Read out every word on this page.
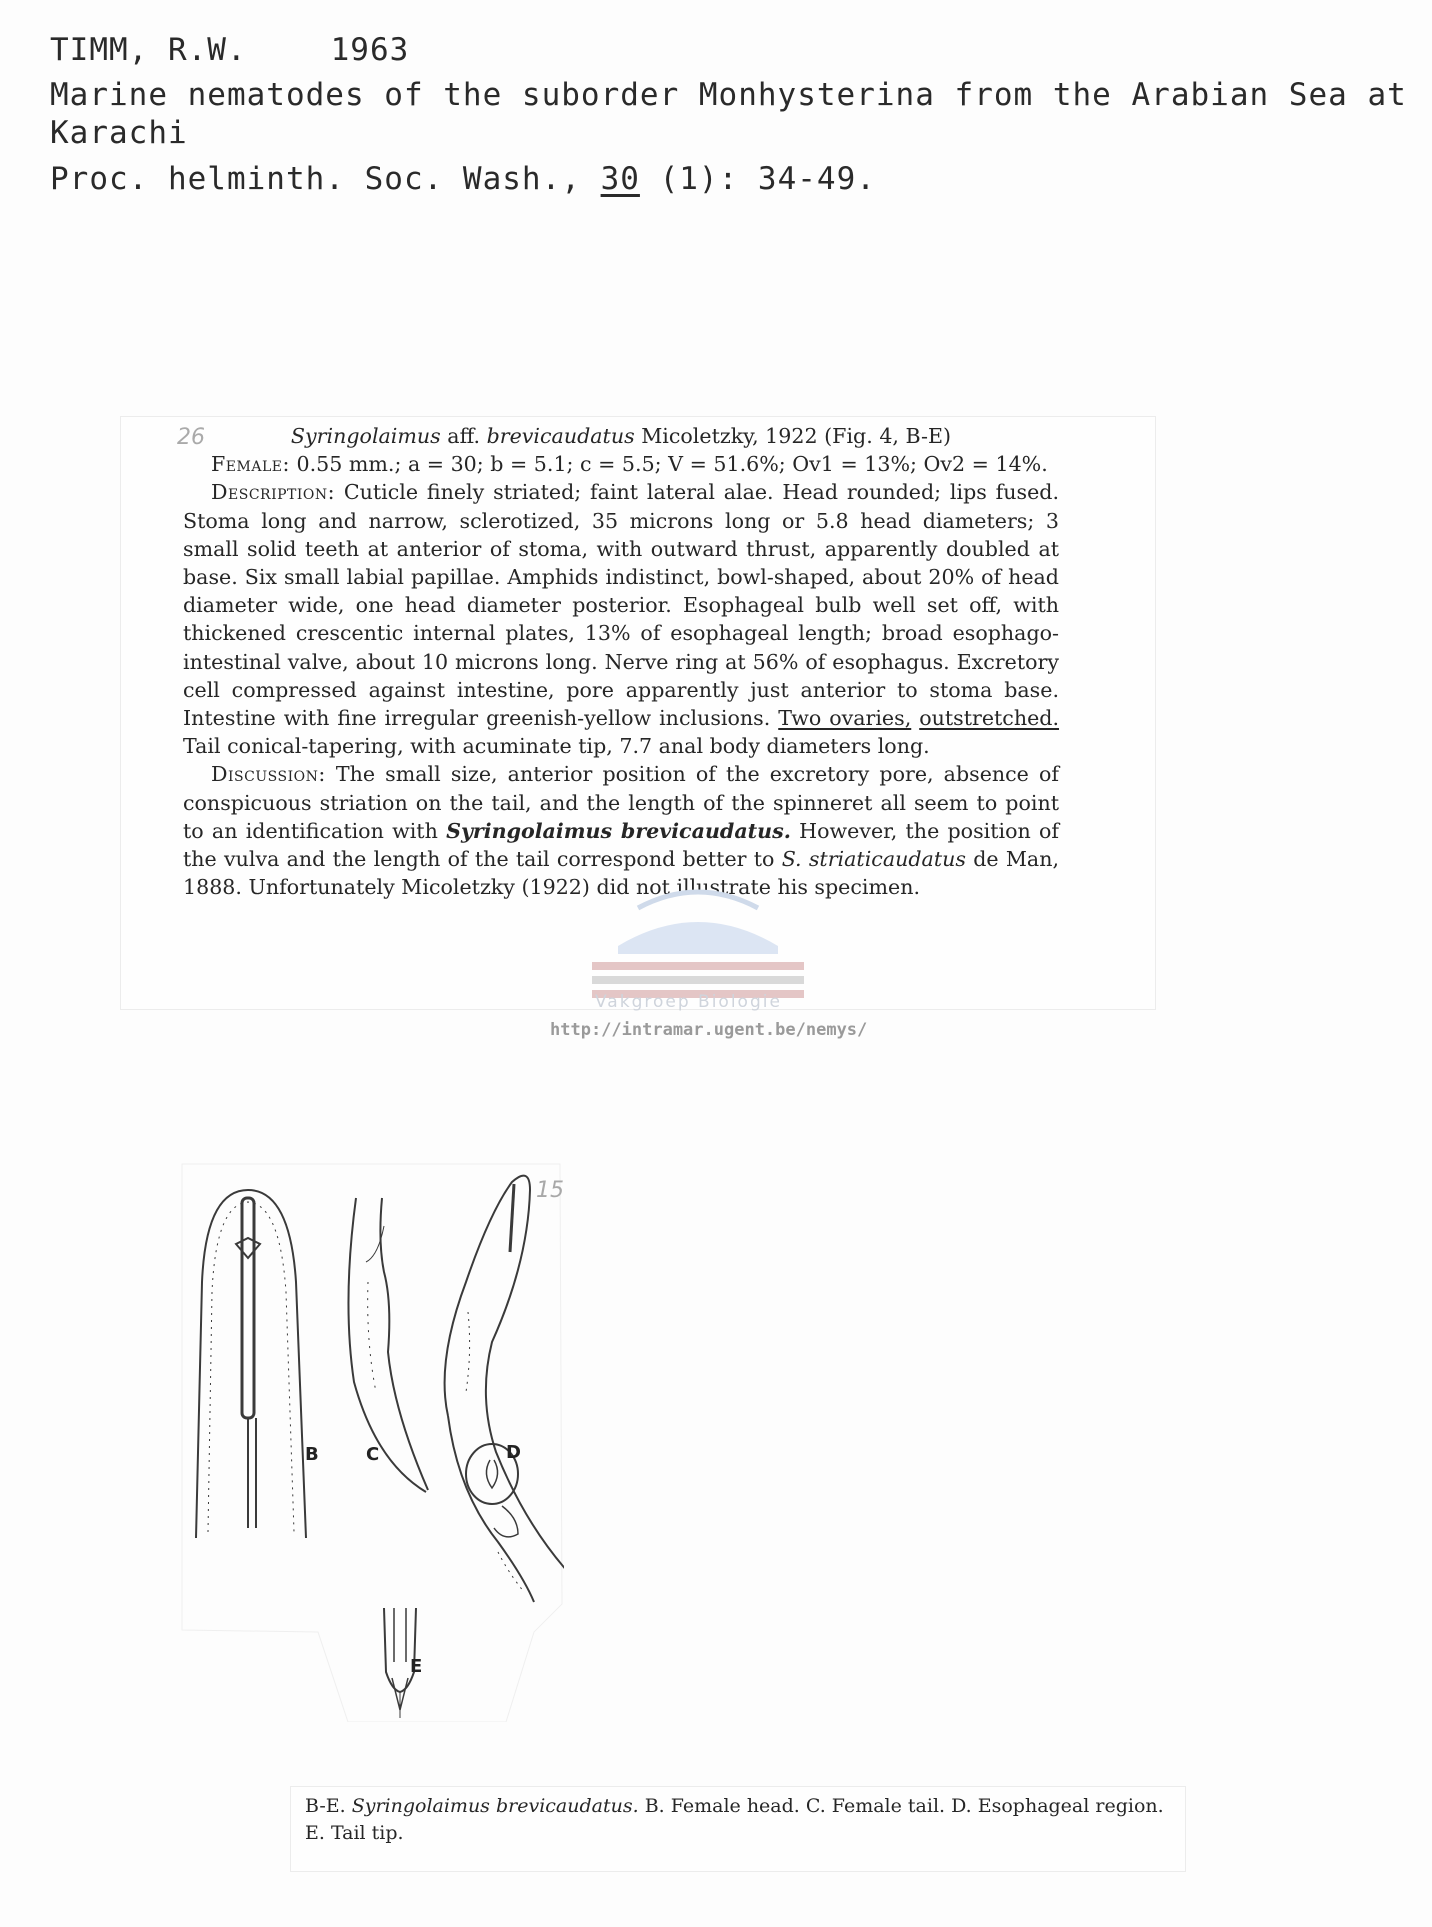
TIMM, R.W.	1963
Marine nematodes of the suborder Monhysterina from the Arabian Sea at Karachi
Proc. helminth. Soc. Wash., 30 (1): 34-49.
26	Syringolaimus aff. brevicaudatus Micoletzky, 1922 (Fig. 4, B-E)

Female: 0.55 mm.; a = 30; b = 5.1; c = 5.5; V = 51.6%; Ov1 = 13%; Ov2 = 14%.

Description: Cuticle finely striated; faint lateral alae. Head rounded; lips fused. Stoma long and narrow, sclerotized, 35 microns long or 5.8 head diameters; 3 small solid teeth at anterior of stoma, with outward thrust, apparently doubled at base. Six small labial papillae. Amphids indistinct, bowl-shaped, about 20% of head diameter wide, one head diameter posterior. Esophageal bulb well set off, with thickened crescentic internal plates, 13% of esophageal length; broad esophago-intestinal valve, about 10 microns long. Nerve ring at 56% of esophagus. Excretory cell compressed against intestine, pore apparently just anterior to stoma base. Intestine with fine irregular greenish-yellow inclusions. Two ovaries, outstretched. Tail conical-tapering, with acuminate tip, 7.7 anal body diameters long.

Discussion: The small size, anterior position of the excretory pore, absence of conspicuous striation on the tail, and the length of the spinneret all seem to point to an identification with Syringolaimus brevicaudatus. However, the position of the vulva and the length of the tail correspond better to S. striaticaudatus de Man, 1888. Unfortunately Micoletzky (1922) did not illustrate his specimen.

Vakgroep Biologie
http://intramar.ugent.be/nemys/
B	C	D
E
15
B-E. Syringolaimus brevicaudatus. B. Female head. C. Female tail. D. Esophageal region. E. Tail tip.
